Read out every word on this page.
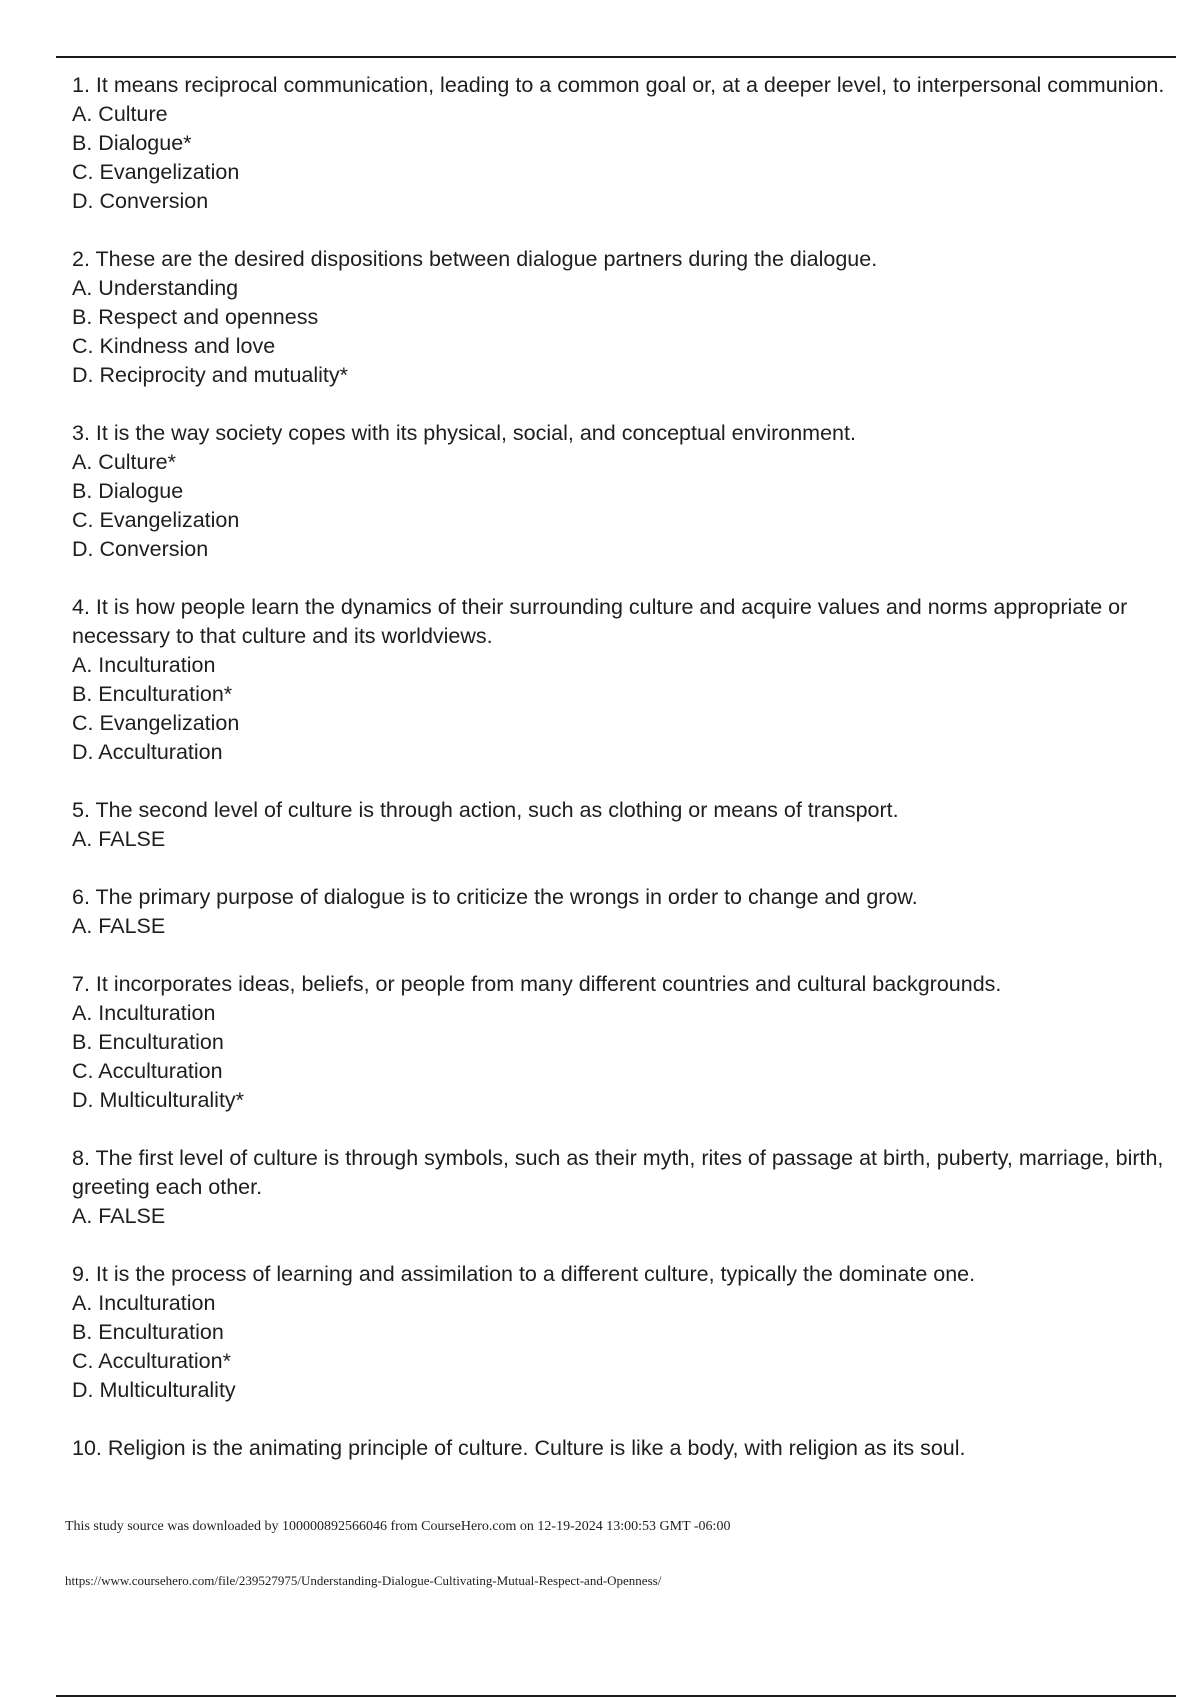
1. It means reciprocal communication, leading to a common goal or, at a deeper level, to interpersonal communion.
A. Culture
B. Dialogue*
C. Evangelization
D. Conversion
2. These are the desired dispositions between dialogue partners during the dialogue.
A. Understanding
B. Respect and openness
C. Kindness and love
D. Reciprocity and mutuality*
3. It is the way society copes with its physical, social, and conceptual environment.
A. Culture*
B. Dialogue
C. Evangelization
D. Conversion
4. It is how people learn the dynamics of their surrounding culture and acquire values and norms appropriate or necessary to that culture and its worldviews.
A. Inculturation
B. Enculturation*
C. Evangelization
D. Acculturation
5. The second level of culture is through action, such as clothing or means of transport.
A. FALSE
6. The primary purpose of dialogue is to criticize the wrongs in order to change and grow.
A. FALSE
7. It incorporates ideas, beliefs, or people from many different countries and cultural backgrounds.
A. Inculturation
B. Enculturation
C. Acculturation
D. Multiculturality*
8. The first level of culture is through symbols, such as their myth, rites of passage at birth, puberty, marriage, birth, greeting each other.
A. FALSE
9. It is the process of learning and assimilation to a different culture, typically the dominate one.
A. Inculturation
B. Enculturation
C. Acculturation*
D. Multiculturality
10. Religion is the animating principle of culture. Culture is like a body, with religion as its soul.
This study source was downloaded by 100000892566046 from CourseHero.com on 12-19-2024 13:00:53 GMT -06:00
https://www.coursehero.com/file/239527975/Understanding-Dialogue-Cultivating-Mutual-Respect-and-Openness/
